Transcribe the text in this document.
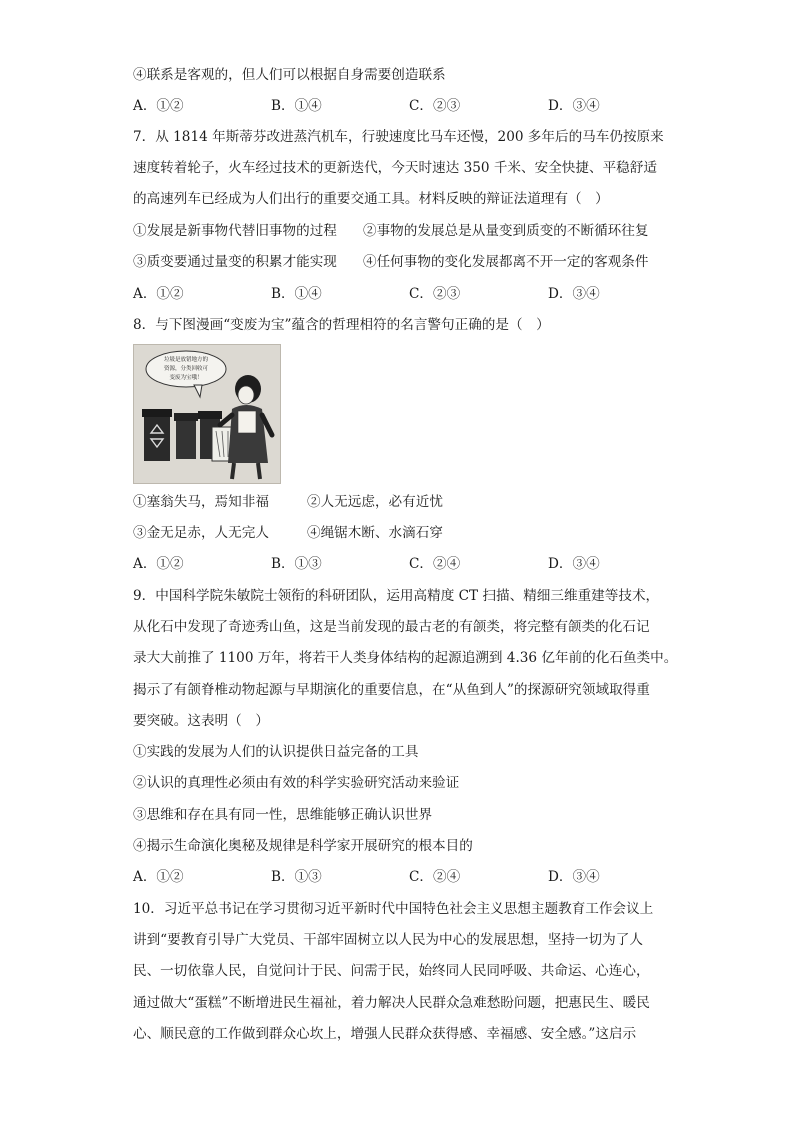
④联系是客观的，但人们可以根据自身需要创造联系
A．①②	B．①④	C．②③	D．③④
7．从 1814 年斯蒂芬改进蒸汽机车，行驶速度比马车还慢，200 多年后的马车仍按原来
速度转着轮子，火车经过技术的更新迭代，今天时速达 350 千米、安全快捷、平稳舒适
的高速列车已经成为人们出行的重要交通工具。材料反映的辩证法道理有（　）
①发展是新事物代替旧事物的过程 ②事物的发展总是从量变到质变的不断循环往复
③质变要通过量变的积累才能实现 ④任何事物的变化发展都离不开一定的客观条件
A．①②	B．①④	C．②③	D．③④
8．与下图漫画“变废为宝”蕴含的哲理相符的名言警句正确的是（　）
垃圾是放错地方的
资源，分类回收可
变废为宝哦！
①塞翁失马，焉知非福	②人无远虑，必有近忧
③金无足赤，人无完人	④绳锯木断、水滴石穿
A．①②	B．①③	C．②④	D．③④
9．中国科学院朱敏院士领衔的科研团队，运用高精度 CT 扫描、精细三维重建等技术，
从化石中发现了奇迹秀山鱼，这是当前发现的最古老的有颌类，将完整有颌类的化石记
录大大前推了 1100 万年，将若干人类身体结构的起源追溯到 4.36 亿年前的化石鱼类中。
揭示了有颌脊椎动物起源与早期演化的重要信息，在“从鱼到人”的探源研究领域取得重
要突破。这表明（　）
①实践的发展为人们的认识提供日益完备的工具
②认识的真理性必须由有效的科学实验研究活动来验证
③思维和存在具有同一性，思维能够正确认识世界
④揭示生命演化奥秘及规律是科学家开展研究的根本目的
A．①②	B．①③	C．②④	D．③④
10．习近平总书记在学习贯彻习近平新时代中国特色社会主义思想主题教育工作会议上
讲到“要教育引导广大党员、干部牢固树立以人民为中心的发展思想，坚持一切为了人
民、一切依靠人民，自觉问计于民、问需于民，始终同人民同呼吸、共命运、心连心，
通过做大“蛋糕”不断增进民生福祉，着力解决人民群众急难愁盼问题，把惠民生、暖民
心、顺民意的工作做到群众心坎上，增强人民群众获得感、幸福感、安全感。”这启示
